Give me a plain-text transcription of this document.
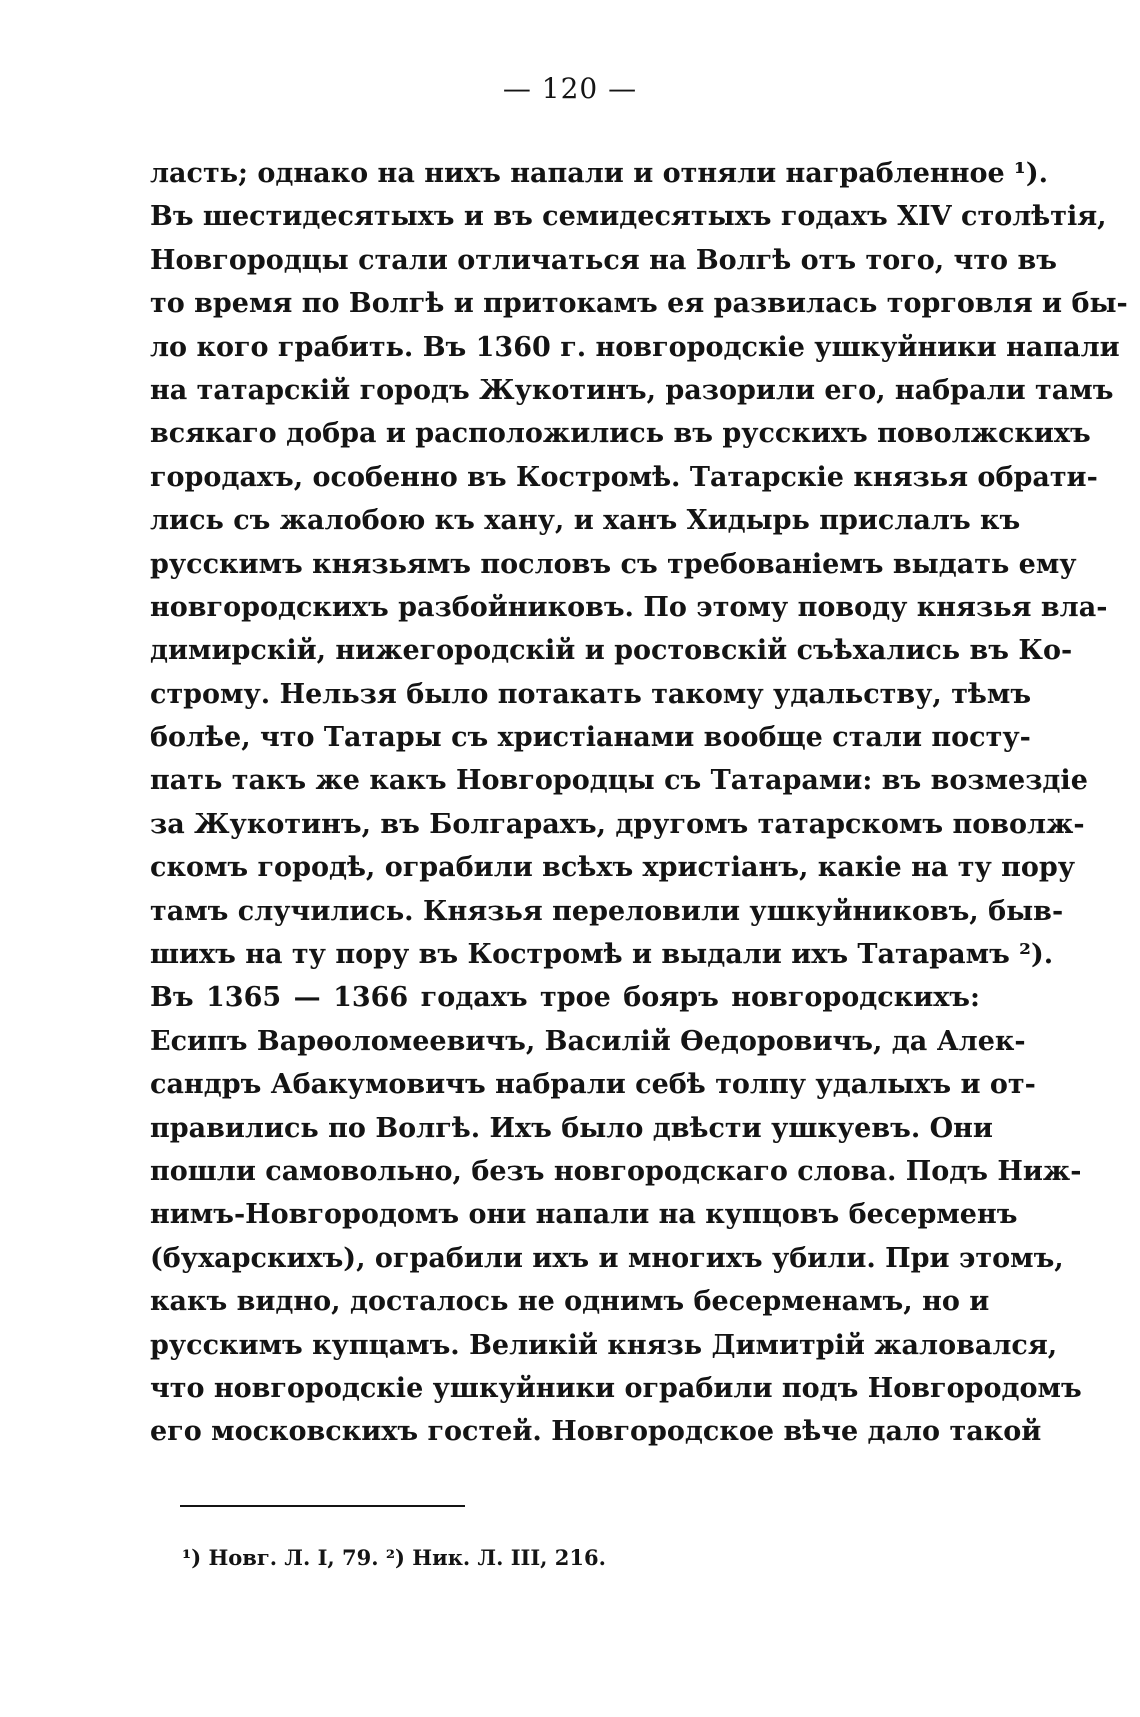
— 120 —
ласть; однако на нихъ напали и отняли награбленное ¹).
Въ шестидесятыхъ и въ семидесятыхъ годахъ XIV столѣтія,
Новгородцы стали отличаться на Волгѣ отъ того, что въ
то время по Волгѣ и притокамъ ея развилась торговля и бы-
ло кого грабить. Въ 1360 г. новгородскіе ушкуйники напали
на татарскій городъ Жукотинъ, разорили его, набрали тамъ
всякаго добра и расположились въ русскихъ поволжскихъ
городахъ, особенно въ Костромѣ. Татарскіе князья обрати-
лись съ жалобою къ хану, и ханъ Хидырь прислалъ къ
русскимъ князьямъ пословъ съ требованіемъ выдать ему
новгородскихъ разбойниковъ. По этому поводу князья вла-
димирскій, нижегородскій и ростовскій съѣхались въ Ко-
строму. Нельзя было потакать такому удальству, тѣмъ
болѣе, что Татары съ христіанами вообще стали посту-
пать такъ же какъ Новгородцы съ Татарами: въ возмездіе
за Жукотинъ, въ Болгарахъ, другомъ татарскомъ поволж-
скомъ городѣ, ограбили всѣхъ христіанъ, какіе на ту пору
тамъ случились. Князья переловили ушкуйниковъ, быв-
шихъ на ту пору въ Костромѣ и выдали ихъ Татарамъ ²).
Въ 1365 — 1366 годахъ трое бояръ новгородскихъ:
Есипъ Варѳоломеевичъ, Василій Ѳедоровичъ, да Алек-
сандръ Абакумовичъ набрали себѣ толпу удалыхъ и от-
правились по Волгѣ. Ихъ было двѣсти ушкуевъ. Они
пошли самовольно, безъ новгородскаго слова. Подъ Ниж-
нимъ-Новгородомъ они напали на купцовъ бесерменъ
(бухарскихъ), ограбили ихъ и многихъ убили. При этомъ,
какъ видно, досталось не однимъ бесерменамъ, но и
русскимъ купцамъ. Великій князь Димитрій жаловался,
что новгородскіе ушкуйники ограбили подъ Новгородомъ
его московскихъ гостей. Новгородское вѣче дало такой
¹) Новг. Л. I, 79. ²) Ник. Л. III, 216.
